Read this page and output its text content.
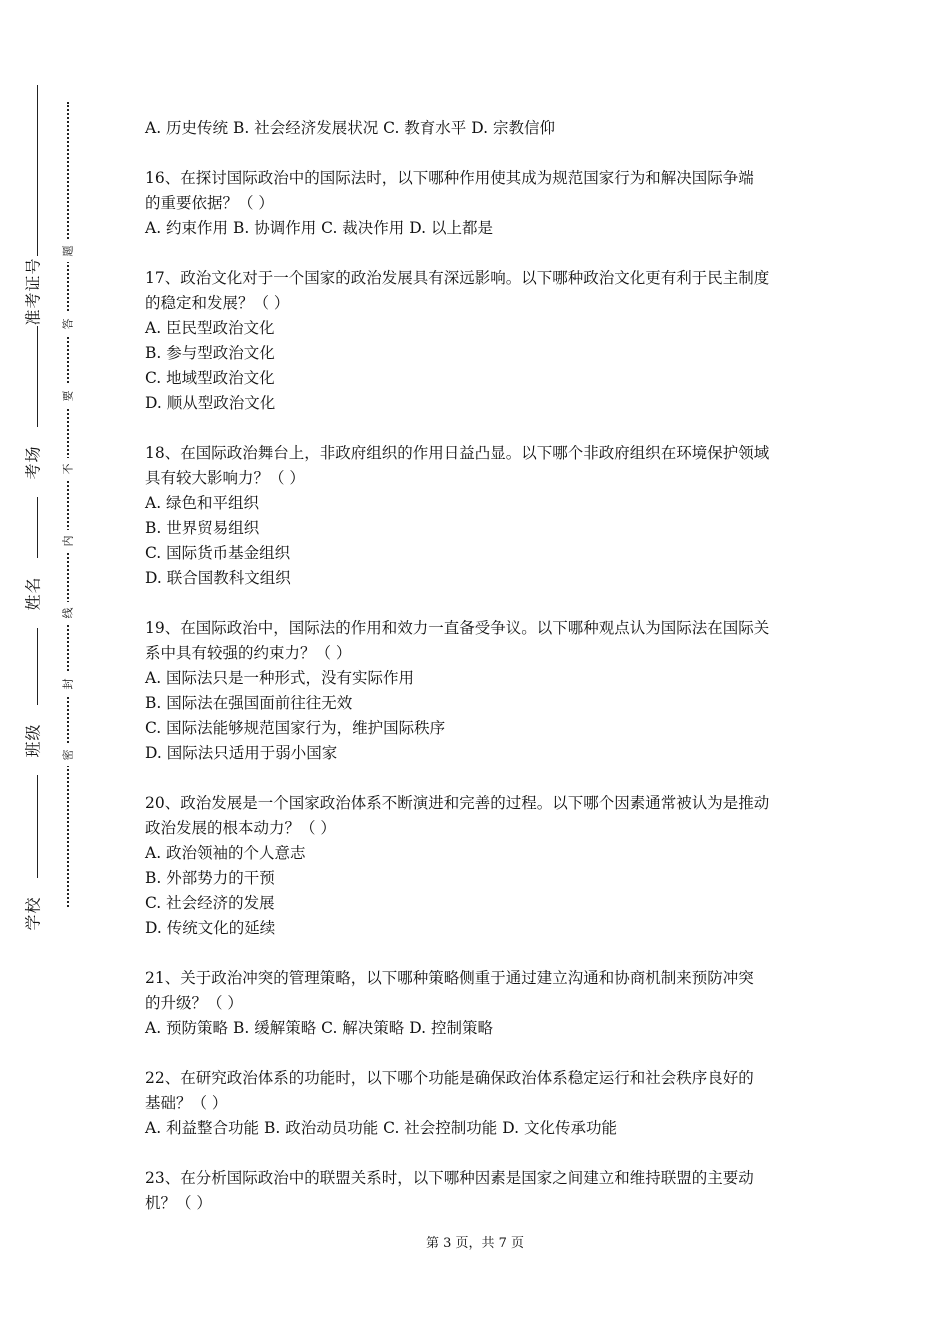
准考证号
考场
姓名
班级
学校
题
答
要
不
内
线
封
密
A. 历史传统 B. 社会经济发展状况 C. 教育水平 D. 宗教信仰
16、在探讨国际政治中的国际法时，以下哪种作用使其成为规范国家行为和解决国际争端
的重要依据？（ ）
A. 约束作用 B. 协调作用 C. 裁决作用 D. 以上都是
17、政治文化对于一个国家的政治发展具有深远影响。以下哪种政治文化更有利于民主制度
的稳定和发展？（ ）
A. 臣民型政治文化
B. 参与型政治文化
C. 地域型政治文化
D. 顺从型政治文化
18、在国际政治舞台上，非政府组织的作用日益凸显。以下哪个非政府组织在环境保护领域
具有较大影响力？（ ）
A. 绿色和平组织
B. 世界贸易组织
C. 国际货币基金组织
D. 联合国教科文组织
19、在国际政治中，国际法的作用和效力一直备受争议。以下哪种观点认为国际法在国际关
系中具有较强的约束力？（ ）
A. 国际法只是一种形式，没有实际作用
B. 国际法在强国面前往往无效
C. 国际法能够规范国家行为，维护国际秩序
D. 国际法只适用于弱小国家
20、政治发展是一个国家政治体系不断演进和完善的过程。以下哪个因素通常被认为是推动
政治发展的根本动力？（ ）
A. 政治领袖的个人意志
B. 外部势力的干预
C. 社会经济的发展
D. 传统文化的延续
21、关于政治冲突的管理策略，以下哪种策略侧重于通过建立沟通和协商机制来预防冲突
的升级？（ ）
A. 预防策略 B. 缓解策略 C. 解决策略 D. 控制策略
22、在研究政治体系的功能时，以下哪个功能是确保政治体系稳定运行和社会秩序良好的
基础？（ ）
A. 利益整合功能 B. 政治动员功能 C. 社会控制功能 D. 文化传承功能
23、在分析国际政治中的联盟关系时，以下哪种因素是国家之间建立和维持联盟的主要动
机？（ ）
第 3 页，共 7 页
